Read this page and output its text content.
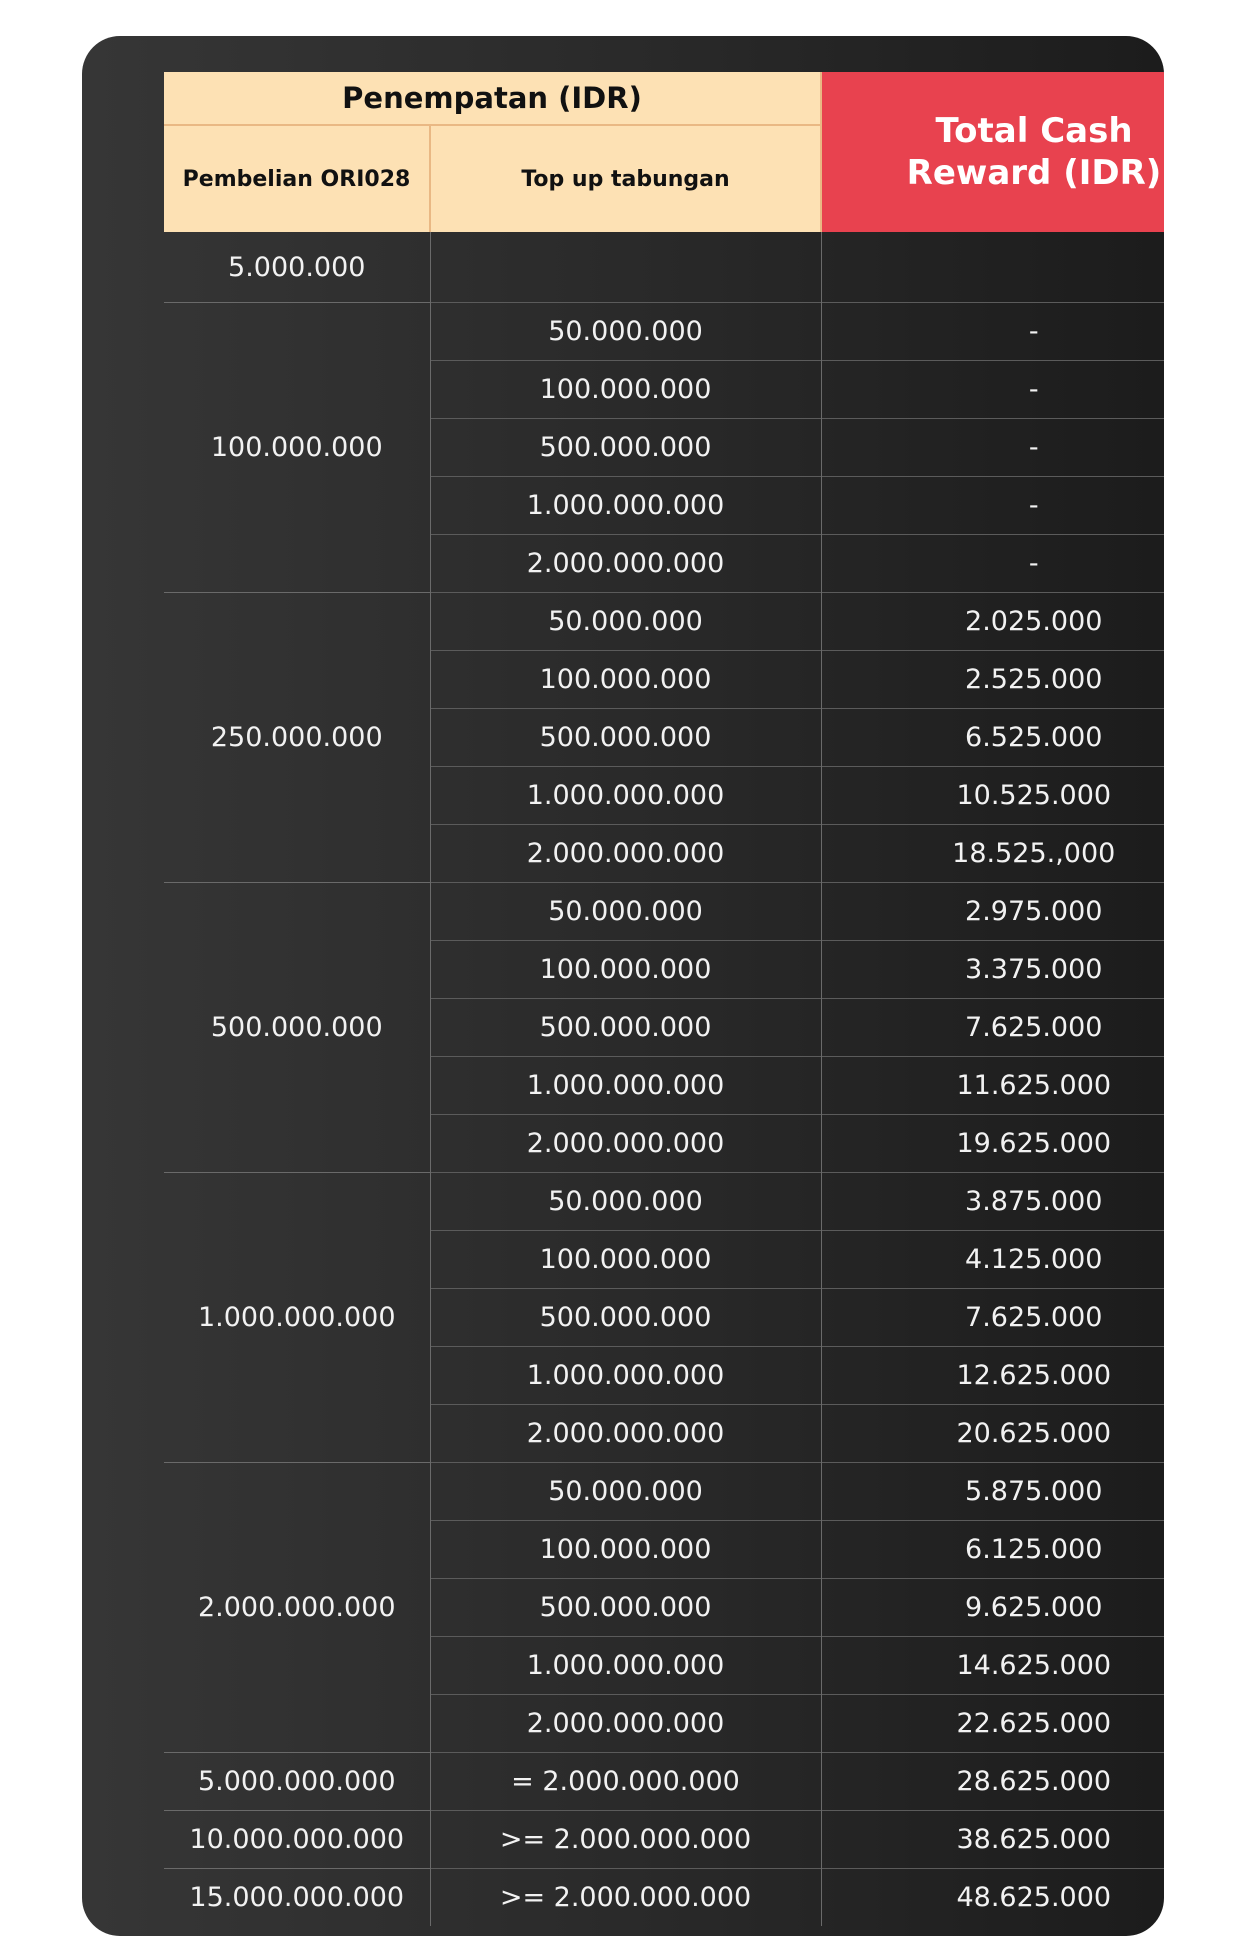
Penempatan (IDR)		Total Cash Reward (IDR)

Pembelian ORI028	Top up tabungan	
5.000.000		
100.000.000	50.000.000	-
	100.000.000	-
	500.000.000	-
	1.000.000.000	-
	2.000.000.000	-
250.000.000	50.000.000	2.025.000
	100.000.000	2.525.000
	500.000.000	6.525.000
	1.000.000.000	10.525.000
	2.000.000.000	18.525.,000
500.000.000	50.000.000	2.975.000
	100.000.000	3.375.000
	500.000.000	7.625.000
	1.000.000.000	11.625.000
	2.000.000.000	19.625.000
1.000.000.000	50.000.000	3.875.000
	100.000.000	4.125.000
	500.000.000	7.625.000
	1.000.000.000	12.625.000
	2.000.000.000	20.625.000
2.000.000.000	50.000.000	5.875.000
	100.000.000	6.125.000
	500.000.000	9.625.000
	1.000.000.000	14.625.000
	2.000.000.000	22.625.000
5.000.000.000	= 2.000.000.000	28.625.000
10.000.000.000	>= 2.000.000.000	38.625.000
15.000.000.000	>= 2.000.000.000	48.625.000
